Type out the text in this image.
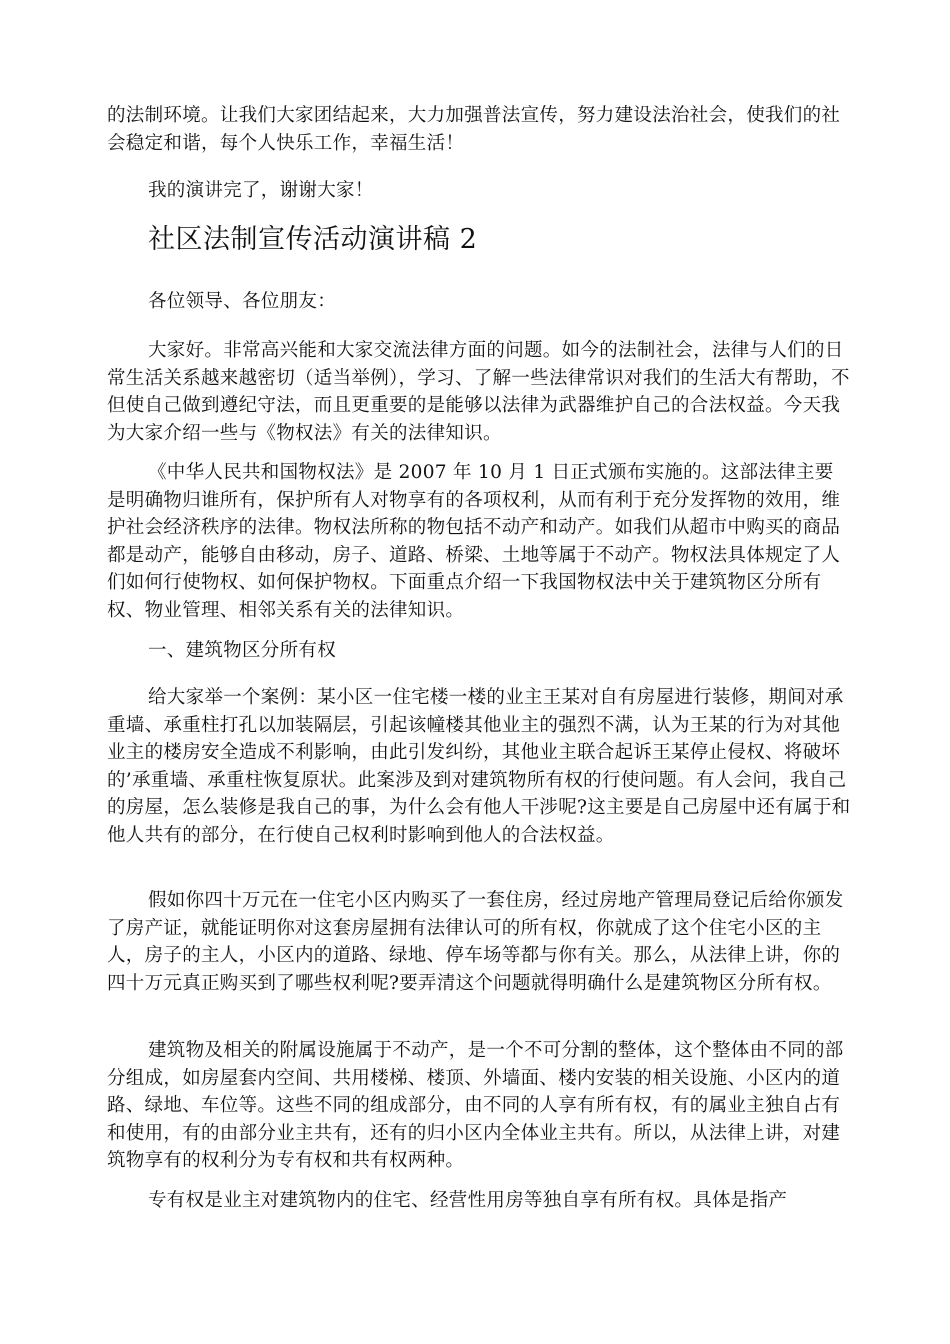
的法制环境。让我们大家团结起来，大力加强普法宣传，努力建设法治社会，使我们的社会稳定和谐，每个人快乐工作，幸福生活！

我的演讲完了，谢谢大家！

社区法制宣传活动演讲稿 2

各位领导、各位朋友：

大家好。非常高兴能和大家交流法律方面的问题。如今的法制社会，法律与人们的日常生活关系越来越密切（适当举例），学习、了解一些法律常识对我们的生活大有帮助，不但使自己做到遵纪守法，而且更重要的是能够以法律为武器维护自己的合法权益。今天我为大家介绍一些与《物权法》有关的法律知识。

《中华人民共和国物权法》是 2007 年 10 月 1 日正式颁布实施的。这部法律主要是明确物归谁所有，保护所有人对物享有的各项权利，从而有利于充分发挥物的效用，维护社会经济秩序的法律。物权法所称的物包括不动产和动产。如我们从超市中购买的商品都是动产，能够自由移动，房子、道路、桥梁、土地等属于不动产。物权法具体规定了人们如何行使物权、如何保护物权。下面重点介绍一下我国物权法中关于建筑物区分所有权、物业管理、相邻关系有关的法律知识。

一、建筑物区分所有权

给大家举一个案例：某小区一住宅楼一楼的业主王某对自有房屋进行装修，期间对承重墙、承重柱打孔以加装隔层，引起该幢楼其他业主的强烈不满，认为王某的行为对其他业主的楼房安全造成不利影响，由此引发纠纷，其他业主联合起诉王某停止侵权、将破坏的’承重墙、承重柱恢复原状。此案涉及到对建筑物所有权的行使问题。有人会问，我自己的房屋，怎么装修是我自己的事，为什么会有他人干涉呢?这主要是自己房屋中还有属于和他人共有的部分，在行使自己权利时影响到他人的合法权益。

假如你四十万元在一住宅小区内购买了一套住房，经过房地产管理局登记后给你颁发了房产证，就能证明你对这套房屋拥有法律认可的所有权，你就成了这个住宅小区的主人，房子的主人，小区内的道路、绿地、停车场等都与你有关。那么，从法律上讲，你的四十万元真正购买到了哪些权利呢?要弄清这个问题就得明确什么是建筑物区分所有权。

建筑物及相关的附属设施属于不动产，是一个不可分割的整体，这个整体由不同的部分组成，如房屋套内空间、共用楼梯、楼顶、外墙面、楼内安装的相关设施、小区内的道路、绿地、车位等。这些不同的组成部分，由不同的人享有所有权，有的属业主独自占有和使用，有的由部分业主共有，还有的归小区内全体业主共有。所以，从法律上讲，对建筑物享有的权利分为专有权和共有权两种。

专有权是业主对建筑物内的住宅、经营性用房等独自享有所有权。具体是指产
